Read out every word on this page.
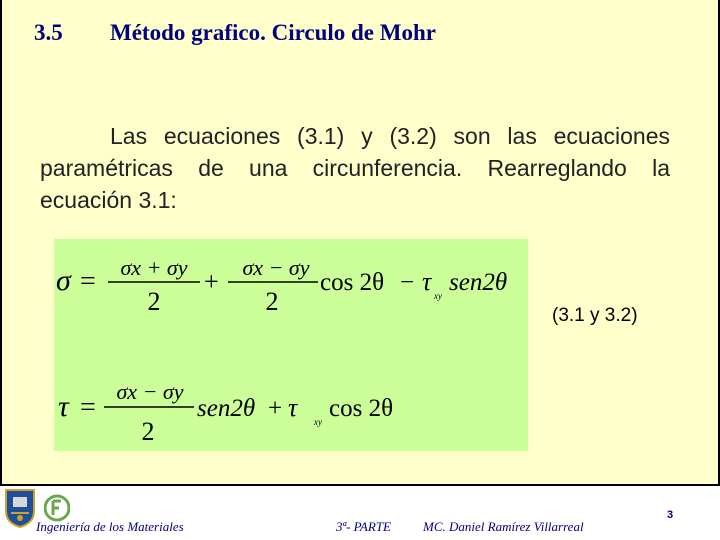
3.5 Método grafico. Circulo de Mohr
Las ecuaciones (3.1) y (3.2) son las ecuaciones paramétricas de una circunferencia. Rearreglando la ecuación 3.1:
σ = σx + σy
2
+ σx − σy
2
cos 2θ − τ xy sen2θ
τ =
σx − σy
2
sen2θ + τ xy cos 2θ
(3.1 y 3.2)
Ingeniería de los Materiales	3ª- PARTE MC. Daniel Ramírez Villarreal
3
